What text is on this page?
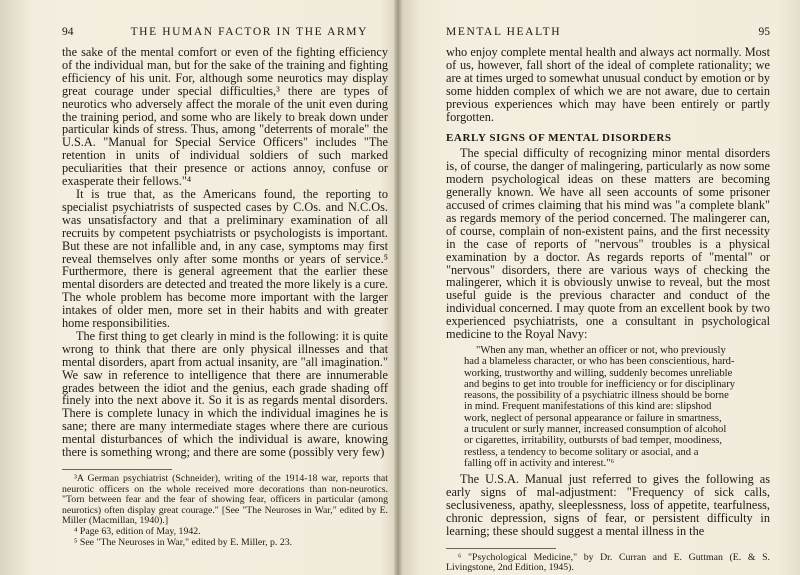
94	THE HUMAN FACTOR IN THE ARMY

the sake of the mental comfort or even of the fighting efficiency of the individual man, but for the sake of the training and fighting efficiency of his unit. For, although some neurotics may display great courage under special difficulties,³ there are types of neurotics who adversely affect the morale of the unit even during the training period, and some who are likely to break down under particular kinds of stress. Thus, among "deterrents of morale" the U.S.A. "Manual for Special Service Officers" includes "The retention in units of individual soldiers of such marked peculiarities that their presence or actions annoy, confuse or exasperate their fellows."⁴

It is true that, as the Americans found, the reporting to specialist psychiatrists of suspected cases by C.Os. and N.C.Os. was unsatisfactory and that a preliminary examination of all recruits by competent psychiatrists or psychologists is important. But these are not infallible and, in any case, symptoms may first reveal themselves only after some months or years of service.⁵ Furthermore, there is general agreement that the earlier these mental disorders are detected and treated the more likely is a cure. The whole problem has become more important with the larger intakes of older men, more set in their habits and with greater home responsibilities.

The first thing to get clearly in mind is the following: it is quite wrong to think that there are only physical illnesses and that mental disorders, apart from actual insanity, are "all imagination." We saw in reference to intelligence that there are innumerable grades between the idiot and the genius, each grade shading off finely into the next above it. So it is as regards mental disorders. There is complete lunacy in which the individual imagines he is sane; there are many intermediate stages where there are curious mental disturbances of which the individual is aware, knowing there is something wrong; and there are some (possibly very few)

³A German psychiatrist (Schneider), writing of the 1914-18 war, reports that neurotic officers on the whole received more decorations than non-neurotics. "Torn between fear and the fear of showing fear, officers in particular (among neurotics) often display great courage." [See "The Neuroses in War," edited by E. Miller (Macmillan, 1940).]

⁴ Page 63, edition of May, 1942.

⁵ See "The Neuroses in War," edited by E. Miller, p. 23.

MENTAL HEALTH	95

who enjoy complete mental health and always act normally. Most of us, however, fall short of the ideal of complete rationality; we are at times urged to somewhat unusual conduct by emotion or by some hidden complex of which we are not aware, due to certain previous experiences which may have been entirely or partly forgotten.

EARLY SIGNS OF MENTAL DISORDERS

The special difficulty of recognizing minor mental disorders is, of course, the danger of malingering, particularly as now some modern psychological ideas on these matters are becoming generally known. We have all seen accounts of some prisoner accused of crimes claiming that his mind was "a complete blank" as regards memory of the period concerned. The malingerer can, of course, complain of non-existent pains, and the first necessity in the case of reports of "nervous" troubles is a physical examination by a doctor. As regards reports of "mental" or "nervous" disorders, there are various ways of checking the malingerer, which it is obviously unwise to reveal, but the most useful guide is the previous character and conduct of the individual concerned. I may quote from an excellent book by two experienced psychiatrists, one a consultant in psychological medicine to the Royal Navy:

"When any man, whether an officer or not, who previously
had a blameless character, or who has been conscientious, hard-
working, trustworthy and willing, suddenly becomes unreliable
and begins to get into trouble for inefficiency or for disciplinary
reasons, the possibility of a psychiatric illness should be borne
in mind. Frequent manifestations of this kind are: slipshod
work, neglect of personal appearance or failure in smartness,
a truculent or surly manner, increased consumption of alcohol
or cigarettes, irritability, outbursts of bad temper, moodiness,
restless, a tendency to become solitary or asocial, and a
falling off in activity and interest."⁶

The U.S.A. Manual just referred to gives the following as early signs of mal-adjustment: "Frequency of sick calls, seclusiveness, apathy, sleeplessness, loss of appetite, tearfulness, chronic depression, signs of fear, or persistent difficulty in learning; these should suggest a mental illness in the

⁶ "Psychological Medicine," by Dr. Curran and E. Guttman (E. & S. Livingstone, 2nd Edition, 1945).
